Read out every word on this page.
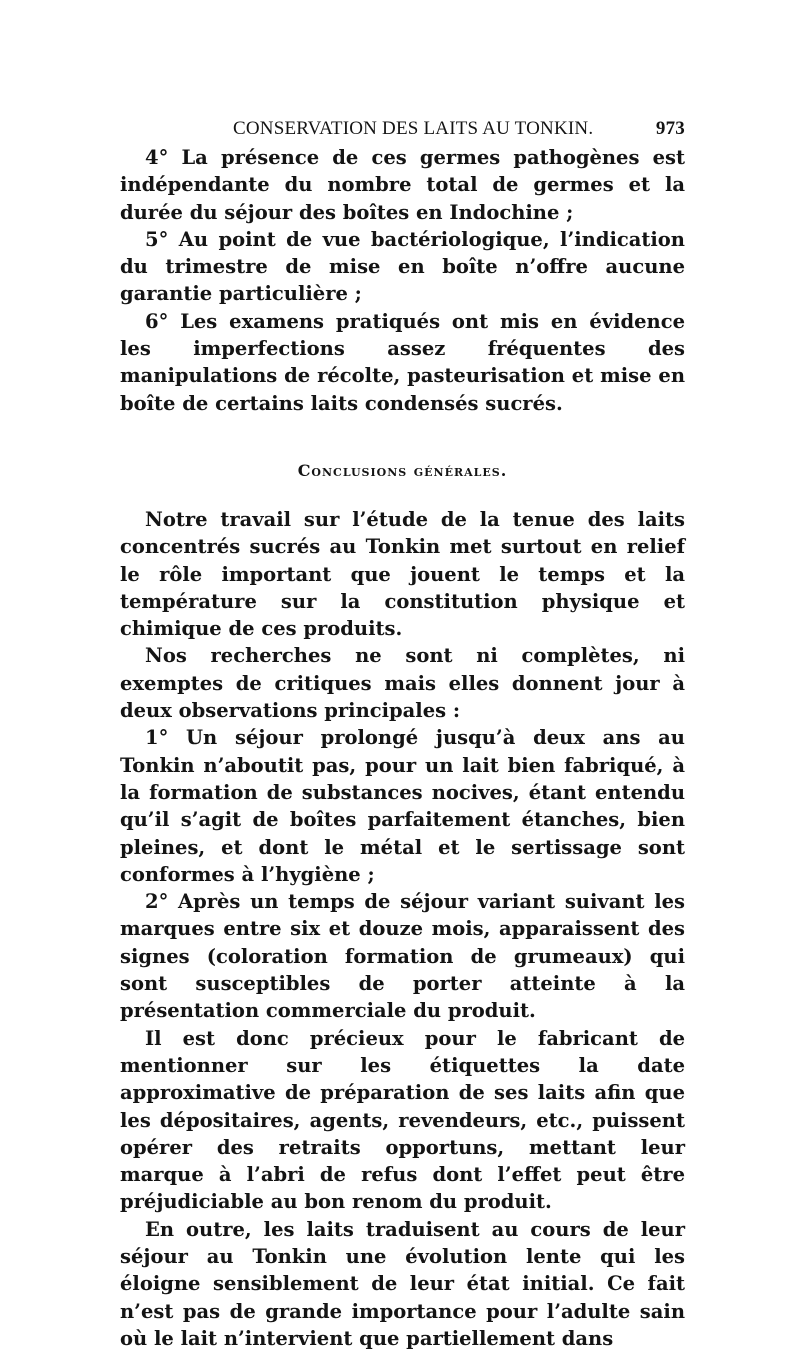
CONSERVATION DES LAITS AU TONKIN.	973

4° La présence de ces germes pathogènes est indépendante du nombre total de germes et la durée du séjour des boîtes en Indochine ;

5° Au point de vue bactériologique, l’indication du trimestre de mise en boîte n’offre aucune garantie particulière ;

6° Les examens pratiqués ont mis en évidence les imperfections assez fréquentes des manipulations de récolte, pasteurisation et mise en boîte de certains laits condensés sucrés.

Conclusions générales.

Notre travail sur l’étude de la tenue des laits concentrés sucrés au Tonkin met surtout en relief le rôle important que jouent le temps et la température sur la constitution physique et chimique de ces produits.

Nos recherches ne sont ni complètes, ni exemptes de critiques mais elles donnent jour à deux observations principales :

1° Un séjour prolongé jusqu’à deux ans au Tonkin n’aboutit pas, pour un lait bien fabriqué, à la formation de substances nocives, étant entendu qu’il s’agit de boîtes parfaitement étanches, bien pleines, et dont le métal et le sertissage sont conformes à l’hygiène ;

2° Après un temps de séjour variant suivant les marques entre six et douze mois, apparaissent des signes (coloration formation de grumeaux) qui sont susceptibles de porter atteinte à la présentation commerciale du produit.

Il est donc précieux pour le fabricant de mentionner sur les étiquettes la date approximative de préparation de ses laits afin que les dépositaires, agents, revendeurs, etc., puissent opérer des retraits opportuns, mettant leur marque à l’abri de refus dont l’effet peut être préjudiciable au bon renom du produit.

En outre, les laits traduisent au cours de leur séjour au Tonkin une évolution lente qui les éloigne sensiblement de leur état initial. Ce fait n’est pas de grande importance pour l’adulte sain où le lait n’intervient que partiellement dans
